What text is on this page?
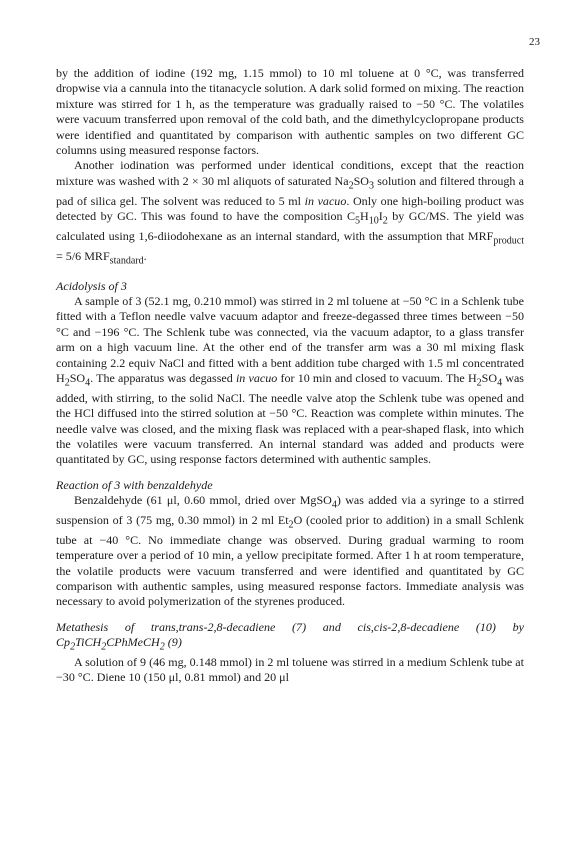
23

by the addition of iodine (192 mg, 1.15 mmol) to 10 ml toluene at 0 °C, was transferred dropwise via a cannula into the titanacycle solution. A dark solid formed on mixing. The reaction mixture was stirred for 1 h, as the temperature was gradually raised to −50 °C. The volatiles were vacuum transferred upon removal of the cold bath, and the dimethylcyclopropane products were identified and quantitated by comparison with authentic samples on two different GC columns using measured response factors.

Another iodination was performed under identical conditions, except that the reaction mixture was washed with 2 × 30 ml aliquots of saturated $Na_2SO_3$ solution and filtered through a pad of silica gel. The solvent was reduced to 5 ml in vacuo. Only one high-boiling product was detected by GC. This was found to have the composition $C_5H_{10}I_2$ by GC/MS. The yield was calculated using 1,6-diiodohexane as an internal standard, with the assumption that $MRF_{product} = 5/6$ $MRF_{standard}$.

Acidolysis of 3

A sample of 3 (52.1 mg, 0.210 mmol) was stirred in 2 ml toluene at −50 °C in a Schlenk tube fitted with a Teflon needle valve vacuum adaptor and freeze-degassed three times between −50 °C and −196 °C. The Schlenk tube was connected, via the vacuum adaptor, to a glass transfer arm on a high vacuum line. At the other end of the transfer arm was a 30 ml mixing flask containing 2.2 equiv NaCl and fitted with a bent addition tube charged with 1.5 ml concentrated $H_2SO_4$. The apparatus was degassed in vacuo for 10 min and closed to vacuum. The $H_2SO_4$ was added, with stirring, to the solid NaCl. The needle valve atop the Schlenk tube was opened and the HCl diffused into the stirred solution at −50 °C. Reaction was complete within minutes. The needle valve was closed, and the mixing flask was replaced with a pear-shaped flask, into which the volatiles were vacuum transferred. An internal standard was added and products were quantitated by GC, using response factors determined with authentic samples.

Reaction of 3 with benzaldehyde

Benzaldehyde (61 μl, 0.60 mmol, dried over MgSO$_4$) was added via a syringe to a stirred suspension of 3 (75 mg, 0.30 mmol) in 2 ml $Et_2O$ (cooled prior to addition) in a small Schlenk tube at −40 °C. No immediate change was observed. During gradual warming to room temperature over a period of 10 min, a yellow precipitate formed. After 1 h at room temperature, the volatile products were vacuum transferred and were identified and quantitated by GC comparison with authentic samples, using measured response factors. Immediate analysis was necessary to avoid polymerization of the styrenes produced.

Metathesis of trans,trans-2,8-decadiene (7) and cis,cis-2,8-decadiene (10) by $Cp_2TiCH_2CPhMeCH_2$ (9)

A solution of 9 (46 mg, 0.148 mmol) in 2 ml toluene was stirred in a medium Schlenk tube at −30 °C. Diene 10 (150 μl, 0.81 mmol) and 20 μl
